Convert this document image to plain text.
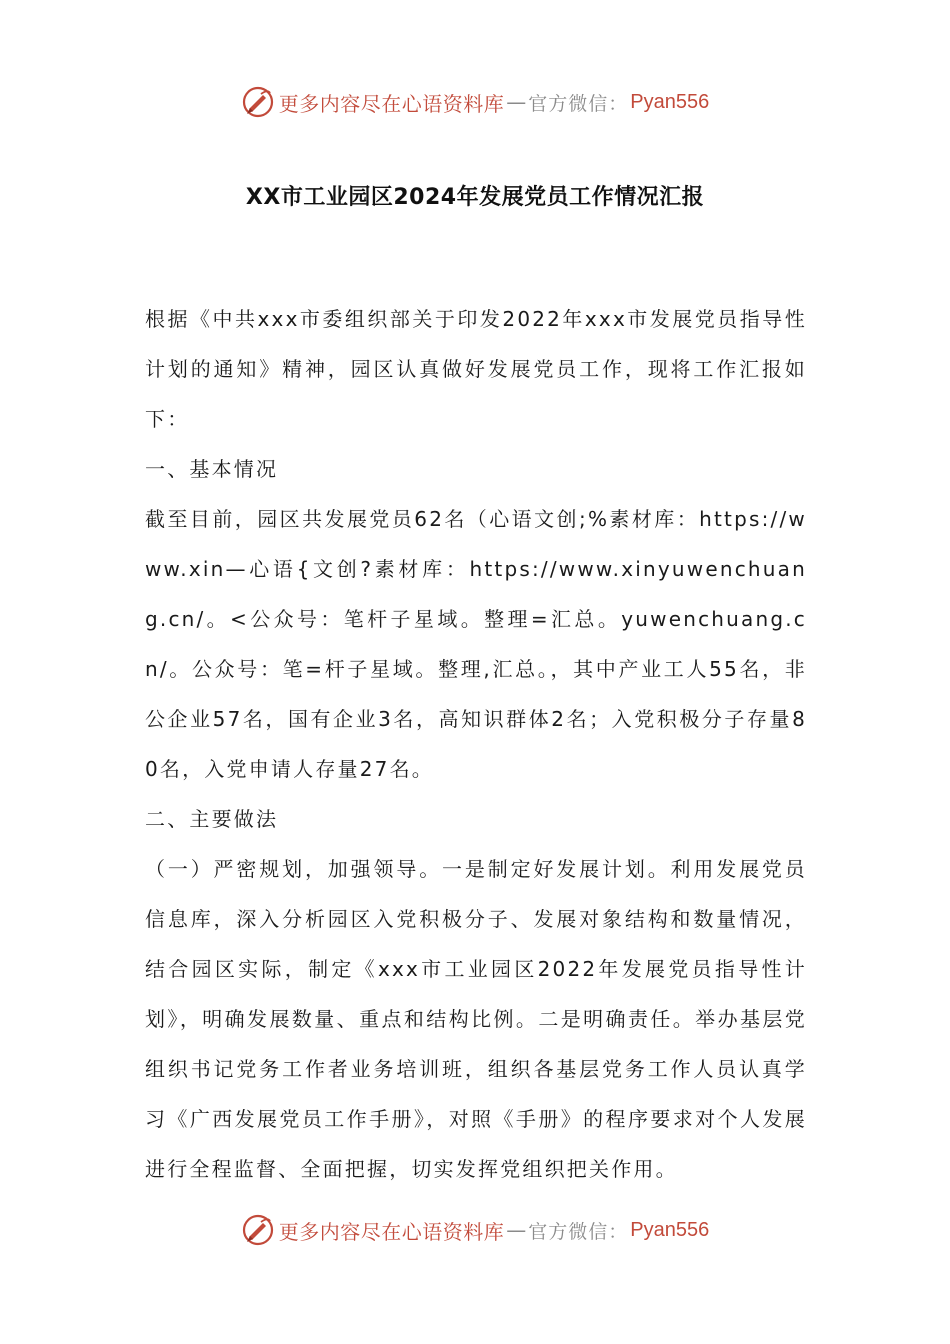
更多内容尽在心语资料库 — 官方微信： Pyan556
XX市工业园区2024年发展党员工作情况汇报

根据《中共xxx市委组织部关于印发2022年xxx市发展党员指导性计划的通知》精神，园区认真做好发展党员工作，现将工作汇报如下：

一、基本情况

截至目前，园区共发展党员62名（心语文创;%素材库：https://www.xin—心语{文创?素材库：https://www.xinyuwenchuang.cn/。<公众号：笔杆子星域。整理=汇总。yuwenchuang.cn/。公众号：笔=杆子星域。整理,汇总。，其中产业工人55名，非公企业57名，国有企业3名，高知识群体2名；入党积极分子存量80名，入党申请人存量27名。

二、主要做法

（一）严密规划，加强领导。一是制定好发展计划。利用发展党员信息库，深入分析园区入党积极分子、发展对象结构和数量情况，结合园区实际，制定《xxx市工业园区2022年发展党员指导性计划》，明确发展数量、重点和结构比例。二是明确责任。举办基层党组织书记党务工作者业务培训班，组织各基层党务工作人员认真学习《广西发展党员工作手册》，对照《手册》的程序要求对个人发展进行全程监督、全面把握，切实发挥党组织把关作用。

更多内容尽在心语资料库 — 官方微信： Pyan556
